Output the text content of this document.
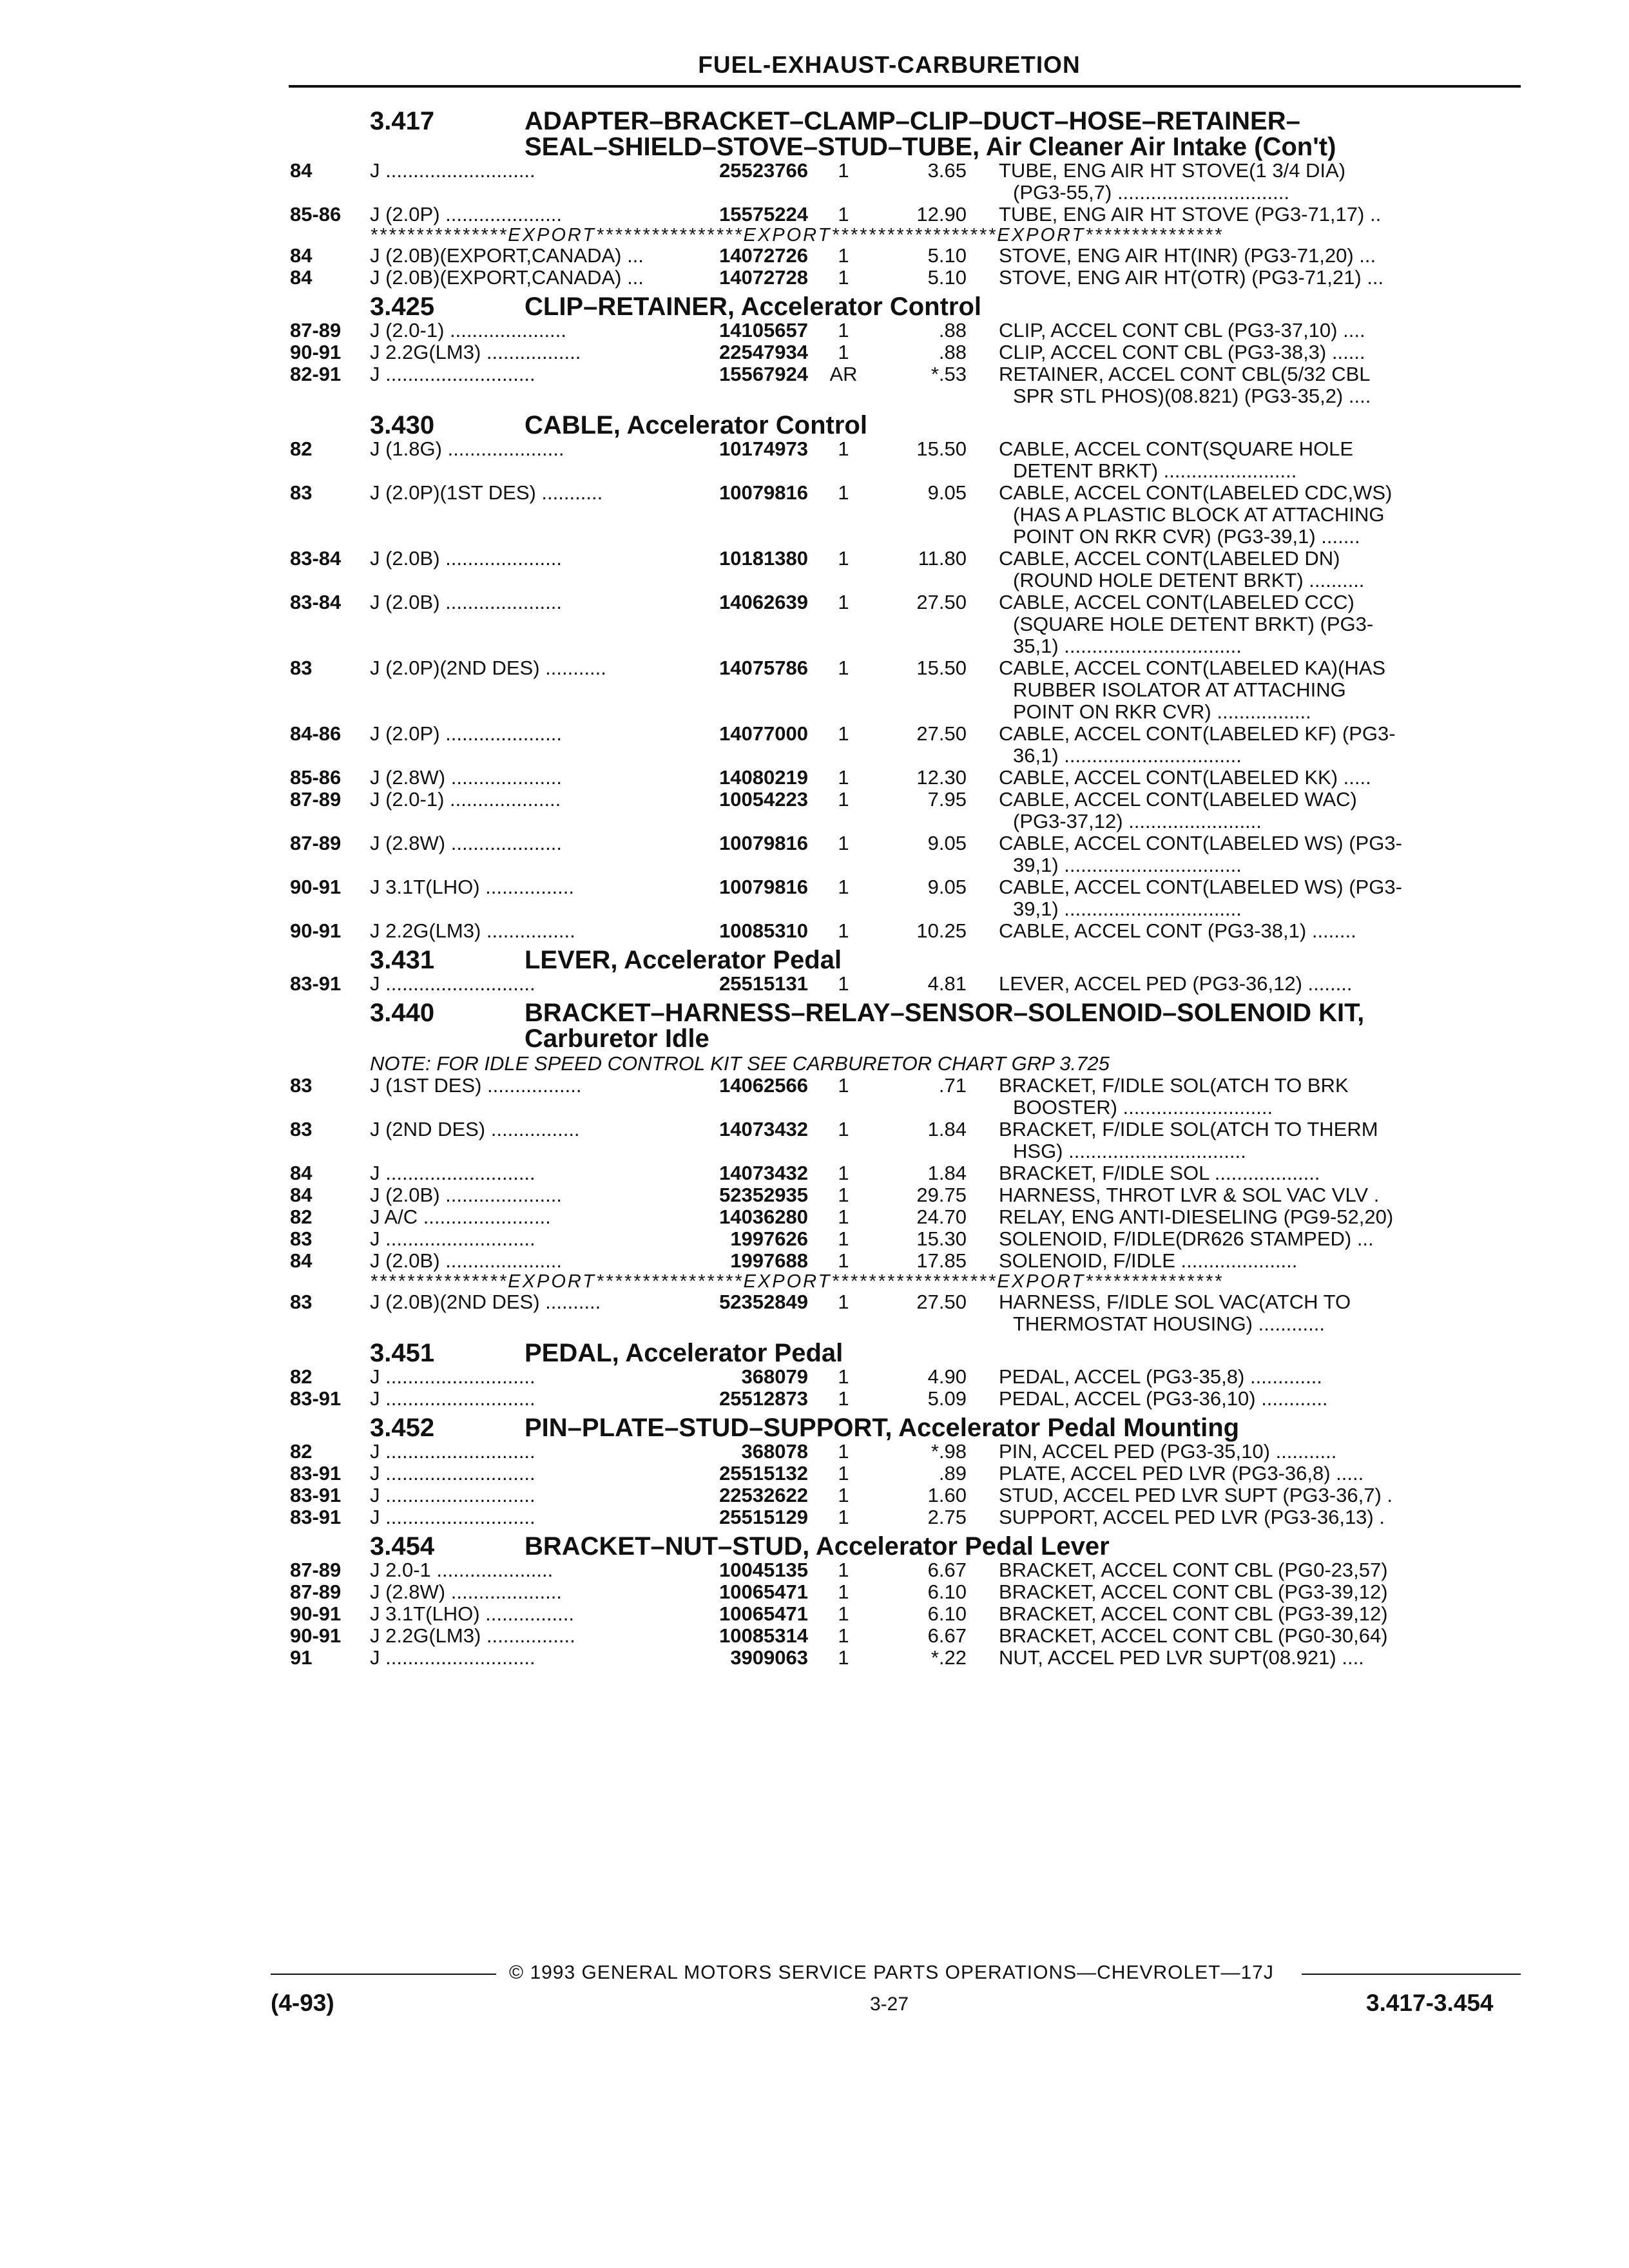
FUEL-EXHAUST-CARBURETION
3.417	ADAPTER–BRACKET–CLAMP–CLIP–DUCT–HOSE–RETAINER–
SEAL–SHIELD–STOVE–STUD–TUBE, Air Cleaner Air Intake (Con't)
84	J ...........................	25523766	1	3.65 TUBE, ENG AIR HT STOVE(1 3/4 DIA)
(PG3-55,7) ...............................
85-86	J (2.0P) .....................	15575224	1	12.90 TUBE, ENG AIR HT STOVE (PG3-71,17) ..
***************EXPORT****************EXPORT******************EXPORT***************
84	J (2.0B)(EXPORT,CANADA) ...	14072726	1	5.10 STOVE, ENG AIR HT(INR) (PG3-71,20) ...
84	J (2.0B)(EXPORT,CANADA) ...	14072728	1	5.10 STOVE, ENG AIR HT(OTR) (PG3-71,21) ...
3.425	CLIP–RETAINER, Accelerator Control
87-89	J (2.0-1) .....................	14105657	1	.88 CLIP, ACCEL CONT CBL (PG3-37,10) ....
90-91	J 2.2G(LM3) .................	22547934	1	.88 CLIP, ACCEL CONT CBL (PG3-38,3) ......
82-91	J ...........................	15567924	AR	*.53 RETAINER, ACCEL CONT CBL(5/32 CBL
SPR STL PHOS)(08.821) (PG3-35,2) ....
3.430	CABLE, Accelerator Control
82	J (1.8G) .....................	10174973	1	15.50 CABLE, ACCEL CONT(SQUARE HOLE
DETENT BRKT) ........................
83	J (2.0P)(1ST DES) ...........	10079816	1	9.05 CABLE, ACCEL CONT(LABELED CDC,WS)
(HAS A PLASTIC BLOCK AT ATTACHING
POINT ON RKR CVR) (PG3-39,1) .......
83-84	J (2.0B) .....................	10181380	1	11.80 CABLE, ACCEL CONT(LABELED DN)
(ROUND HOLE DETENT BRKT) ..........
83-84	J (2.0B) .....................	14062639	1	27.50 CABLE, ACCEL CONT(LABELED CCC)
(SQUARE HOLE DETENT BRKT) (PG3-
35,1) ................................
83	J (2.0P)(2ND DES) ...........	14075786	1	15.50 CABLE, ACCEL CONT(LABELED KA)(HAS
RUBBER ISOLATOR AT ATTACHING
POINT ON RKR CVR) .................
84-86	J (2.0P) .....................	14077000	1	27.50 CABLE, ACCEL CONT(LABELED KF) (PG3-
36,1) ................................
85-86	J (2.8W) ....................	14080219	1	12.30 CABLE, ACCEL CONT(LABELED KK) .....
87-89	J (2.0-1) ....................	10054223	1	7.95 CABLE, ACCEL CONT(LABELED WAC)
(PG3-37,12) ........................
87-89	J (2.8W) ....................	10079816	1	9.05 CABLE, ACCEL CONT(LABELED WS) (PG3-
39,1) ................................
90-91	J 3.1T(LHO) ................	10079816	1	9.05 CABLE, ACCEL CONT(LABELED WS) (PG3-
39,1) ................................
90-91	J 2.2G(LM3) ................	10085310	1	10.25 CABLE, ACCEL CONT (PG3-38,1) ........
3.431	LEVER, Accelerator Pedal
83-91	J ...........................	25515131	1	4.81 LEVER, ACCEL PED (PG3-36,12) ........
3.440	BRACKET–HARNESS–RELAY–SENSOR–SOLENOID–SOLENOID KIT,
Carburetor Idle
NOTE: FOR IDLE SPEED CONTROL KIT SEE CARBURETOR CHART GRP 3.725
83	J (1ST DES) .................	14062566	1	.71 BRACKET, F/IDLE SOL(ATCH TO BRK
BOOSTER) ...........................
83	J (2ND DES) ................	14073432	1	1.84 BRACKET, F/IDLE SOL(ATCH TO THERM
HSG) ................................
84	J ...........................	14073432	1	1.84 BRACKET, F/IDLE SOL ...................
84	J (2.0B) .....................	52352935	1	29.75 HARNESS, THROT LVR & SOL VAC VLV .
82	J A/C .......................	14036280	1	24.70 RELAY, ENG ANTI-DIESELING (PG9-52,20)
83	J ...........................	1997626	1	15.30 SOLENOID, F/IDLE(DR626 STAMPED) ...
84	J (2.0B) .....................	1997688	1	17.85 SOLENOID, F/IDLE .....................
***************EXPORT****************EXPORT******************EXPORT***************
83	J (2.0B)(2ND DES) ..........	52352849	1	27.50 HARNESS, F/IDLE SOL VAC(ATCH TO
THERMOSTAT HOUSING) ............
3.451	PEDAL, Accelerator Pedal
82	J ...........................	368079	1	4.90 PEDAL, ACCEL (PG3-35,8) .............
83-91	J ...........................	25512873	1	5.09 PEDAL, ACCEL (PG3-36,10) ............
3.452	PIN–PLATE–STUD–SUPPORT, Accelerator Pedal Mounting
82	J ...........................	368078	1	*.98 PIN, ACCEL PED (PG3-35,10) ...........
83-91	J ...........................	25515132	1	.89 PLATE, ACCEL PED LVR (PG3-36,8) .....
83-91	J ...........................	22532622	1	1.60 STUD, ACCEL PED LVR SUPT (PG3-36,7) .
83-91	J ...........................	25515129	1	2.75 SUPPORT, ACCEL PED LVR (PG3-36,13) .
3.454	BRACKET–NUT–STUD, Accelerator Pedal Lever
87-89	J 2.0-1 .....................	10045135	1	6.67 BRACKET, ACCEL CONT CBL (PG0-23,57)
87-89	J (2.8W) ....................	10065471	1	6.10 BRACKET, ACCEL CONT CBL (PG3-39,12)
90-91	J 3.1T(LHO) ................	10065471	1	6.10 BRACKET, ACCEL CONT CBL (PG3-39,12)
90-91	J 2.2G(LM3) ................	10085314	1	6.67 BRACKET, ACCEL CONT CBL (PG0-30,64)
91	J ...........................	3909063	1	*.22 NUT, ACCEL PED LVR SUPT(08.921) ....
© 1993 GENERAL MOTORS SERVICE PARTS OPERATIONS—CHEVROLET—17J
(4-93)	3-27	3.417-3.454
